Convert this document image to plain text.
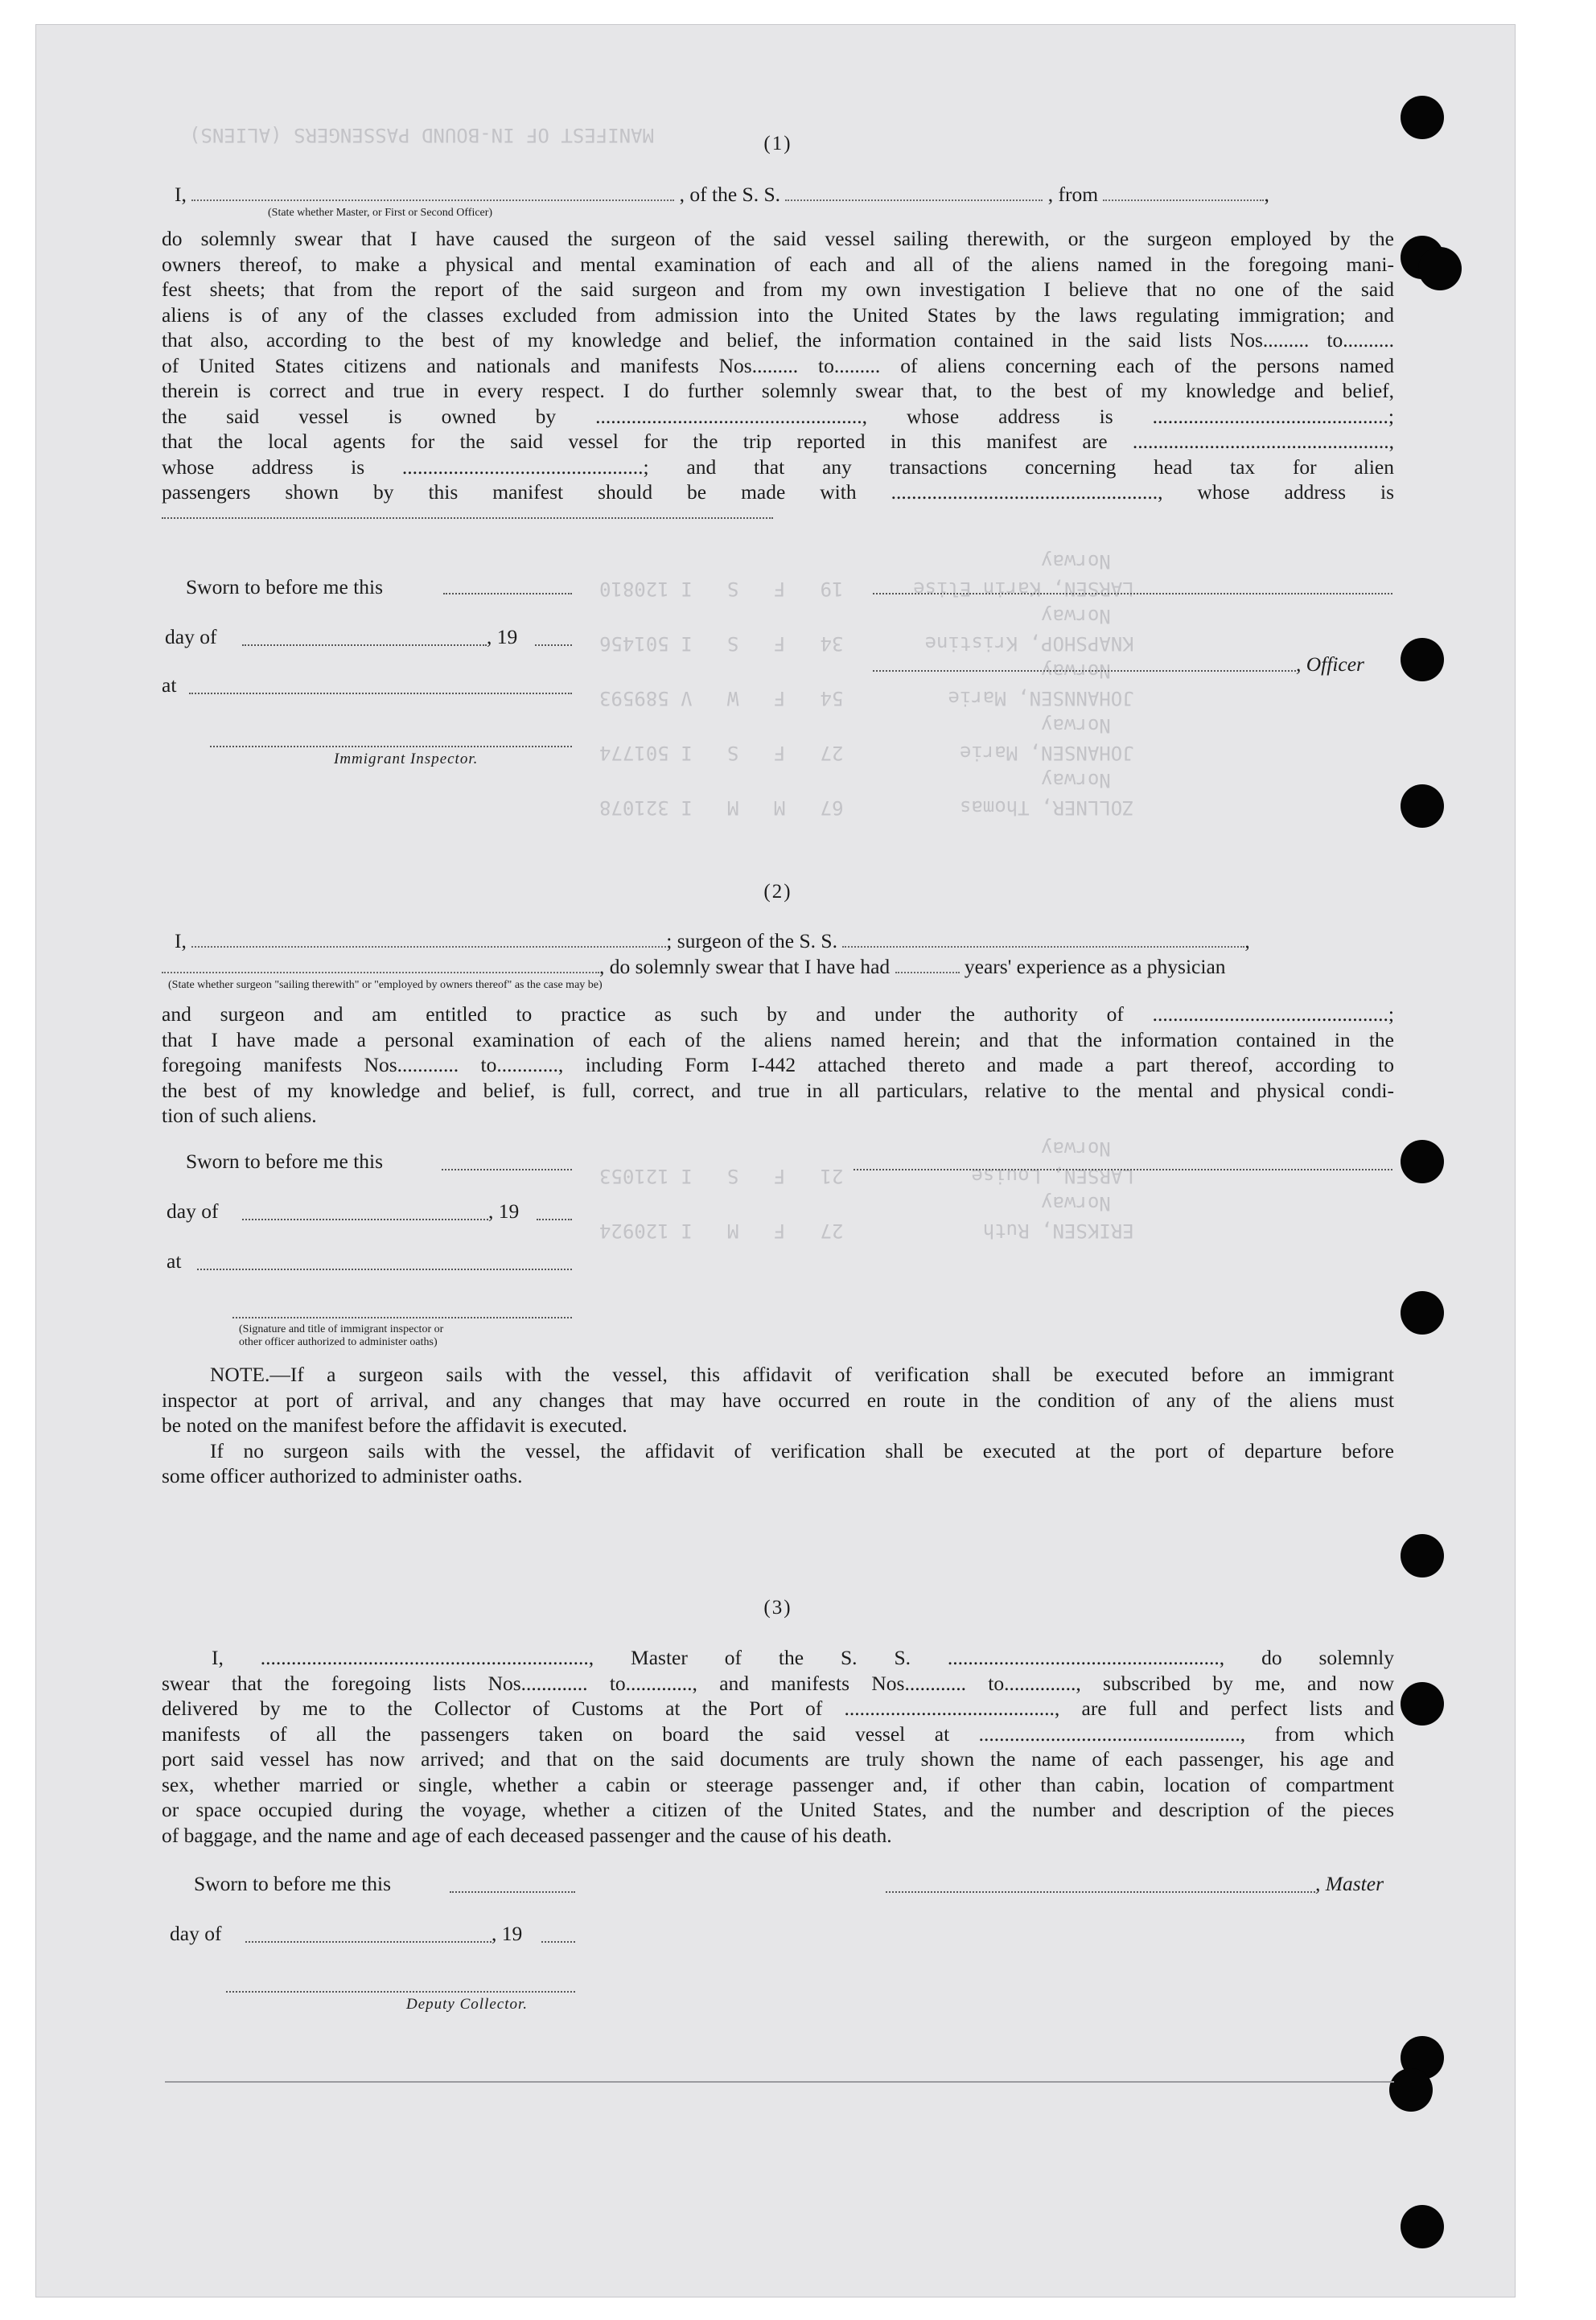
MANIFEST OF IN-BOUND PASSENGERS (ALIENS)
ZOLLNER, Thomas          67   M   M   I 321078
Norway
JOHANSEN, Marie          27   F   S   I 501774
Norway
JOHANNSEN, Marie         54   F   W   V 589593
Norway
KNAPSHOP, Kristine       34   F   S   I 501456
Norway
LARSEN, Karin Elise      19   F   S   I 120810
Norway
ERIKSEN, Ruth            27   F   M   I 120924
Norway
LARSEN, Louise           21   F   S   I 121053
Norway
(1)
I,	, of the S. S.	, from	,
(State whether Master, or First or Second Officer)
do solemnly swear that I have caused the surgeon of the said vessel sailing therewith, or the surgeon employed by the
owners thereof, to make a physical and mental examination of each and all of the aliens named in the foregoing mani-
fest sheets; that from the report of the said surgeon and from my own investigation I believe that no one of the said
aliens is of any of the classes excluded from admission into the United States by the laws regulating immigration; and
that also, according to the best of my knowledge and belief, the information contained in the said lists Nos......... to..........
of United States citizens and nationals and manifests Nos......... to......... of aliens concerning each of the persons named
therein is correct and true in every respect. I do further solemnly swear that, to the best of my knowledge and belief,
the said vessel is owned by ...................................................., whose address is ..............................................;
that the local agents for the said vessel for the trip reported in this manifest are ..................................................,
whose address is ...............................................; and that any transactions concerning head tax for alien
passengers shown by this manifest should be made with ...................................................., whose address is
Sworn to before me this
day of	, 19
, Officer
at
Immigrant Inspector.
(2)
I,	; surgeon of the S. S.	,
, do solemnly swear that I have had	years' experience as a physician
(State whether surgeon "sailing therewith" or "employed by owners thereof" as the case may be)
and surgeon and am entitled to practice as such by and under the authority of ..............................................;
that I have made a personal examination of each of the aliens named herein; and that the information contained in the
foregoing manifests Nos............ to............, including Form I-442 attached thereto and made a part thereof, according to
the best of my knowledge and belief, is full, correct, and true in all particulars, relative to the mental and physical condi-
tion of such aliens.
Sworn to before me this
day of	, 19
at
(Signature and title of immigrant inspector or
other officer authorized to administer oaths)
NOTE.—If a surgeon sails with the vessel, this affidavit of verification shall be executed before an immigrant
inspector at port of arrival, and any changes that may have occurred en route in the condition of any of the aliens must
be noted on the manifest before the affidavit is executed.
If no surgeon sails with the vessel, the affidavit of verification shall be executed at the port of departure before
some officer authorized to administer oaths.
(3)
I, ................................................................, Master of the S. S. ....................................................., do solemnly
swear that the foregoing lists Nos............. to............., and manifests Nos............ to.............., subscribed by me, and now
delivered by me to the Collector of Customs at the Port of ........................................., are full and perfect lists and
manifests of all the passengers taken on board the said vessel at ..................................................., from which
port said vessel has now arrived; and that on the said documents are truly shown the name of each passenger, his age and
sex, whether married or single, whether a cabin or steerage passenger and, if other than cabin, location of compartment
or space occupied during the voyage, whether a citizen of the United States, and the number and description of the pieces
of baggage, and the name and age of each deceased passenger and the cause of his death.
Sworn to before me this	, Master
day of	, 19
Deputy Collector.
